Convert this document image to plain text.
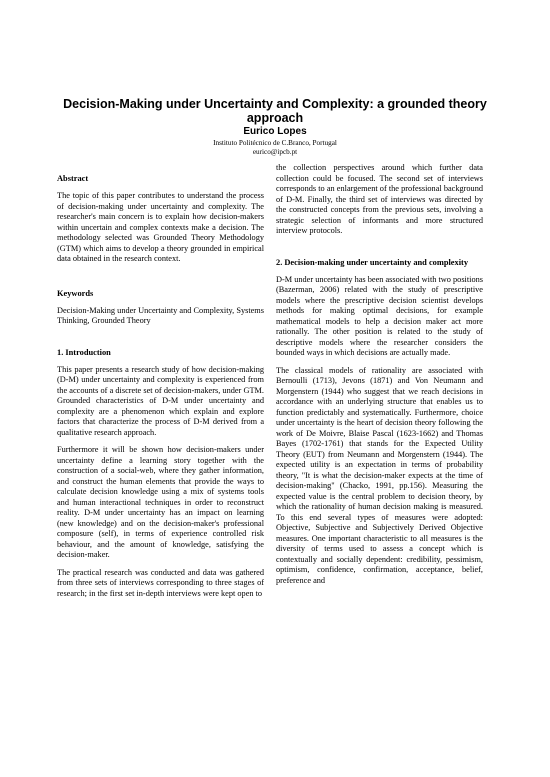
Decision-Making under Uncertainty and Complexity: a grounded theory approach
Eurico Lopes
Instituto Politécnico de C.Branco, Portugal
eurico@ipcb.pt

Abstract

The topic of this paper contributes to understand the process of decision-making under uncertainty and complexity. The researcher's main concern is to explain how decision-makers within uncertain and complex contexts make a decision. The methodology selected was Grounded Theory Methodology (GTM) which aims to develop a theory grounded in empirical data obtained in the research context.

Keywords

Decision-Making under Uncertainty and Complexity, Systems Thinking, Grounded Theory

1. Introduction

This paper presents a research study of how decision-making (D-M) under uncertainty and complexity is experienced from the accounts of a discrete set of decision-makers, under GTM. Grounded characteristics of D-M under uncertainty and complexity are a phenomenon which explain and explore factors that characterize the process of D-M derived from a qualitative research approach.

Furthermore it will be shown how decision-makers under uncertainty define a learning story together with the construction of a social-web, where they gather information, and construct the human elements that provide the ways to calculate decision knowledge using a mix of systems tools and human interactional techniques in order to reconstruct reality. D-M under uncertainty has an impact on learning (new knowledge) and on the decision-maker's professional composure (self), in terms of experience controlled risk behaviour, and the amount of knowledge, satisfying the decision-maker.

The practical research was conducted and data was gathered from three sets of interviews corresponding to three stages of research; in the first set in-depth interviews were kept open to

the collection perspectives around which further data collection could be focused. The second set of interviews corresponds to an enlargement of the professional background of D-M. Finally, the third set of interviews was directed by the constructed concepts from the previous sets, involving a strategic selection of informants and more structured interview protocols.

2. Decision-making under uncertainty and complexity

D-M under uncertainty has been associated with two positions (Bazerman, 2006) related with the study of prescriptive models where the prescriptive decision scientist develops methods for making optimal decisions, for example mathematical models to help a decision maker act more rationally. The other position is related to the study of descriptive models where the researcher considers the bounded ways in which decisions are actually made.

The classical models of rationality are associated with Bernoulli (1713), Jevons (1871) and Von Neumann and Morgenstern (1944) who suggest that we reach decisions in accordance with an underlying structure that enables us to function predictably and systematically. Furthermore, choice under uncertainty is the heart of decision theory following the work of De Moivre, Blaise Pascal (1623-1662) and Thomas Bayes (1702-1761) that stands for the Expected Utility Theory (EUT) from Neumann and Morgenstern (1944). The expected utility is an expectation in terms of probability theory, "It is what the decision-maker expects at the time of decision-making" (Chacko, 1991, pp.156). Measuring the expected value is the central problem to decision theory, by which the rationality of human decision making is measured. To this end several types of measures were adopted: Objective, Subjective and Subjectively Derived Objective measures. One important characteristic to all measures is the diversity of terms used to assess a concept which is contextually and socially dependent: credibility, pessimism, optimism, confidence, confirmation, acceptance, belief, preference and
